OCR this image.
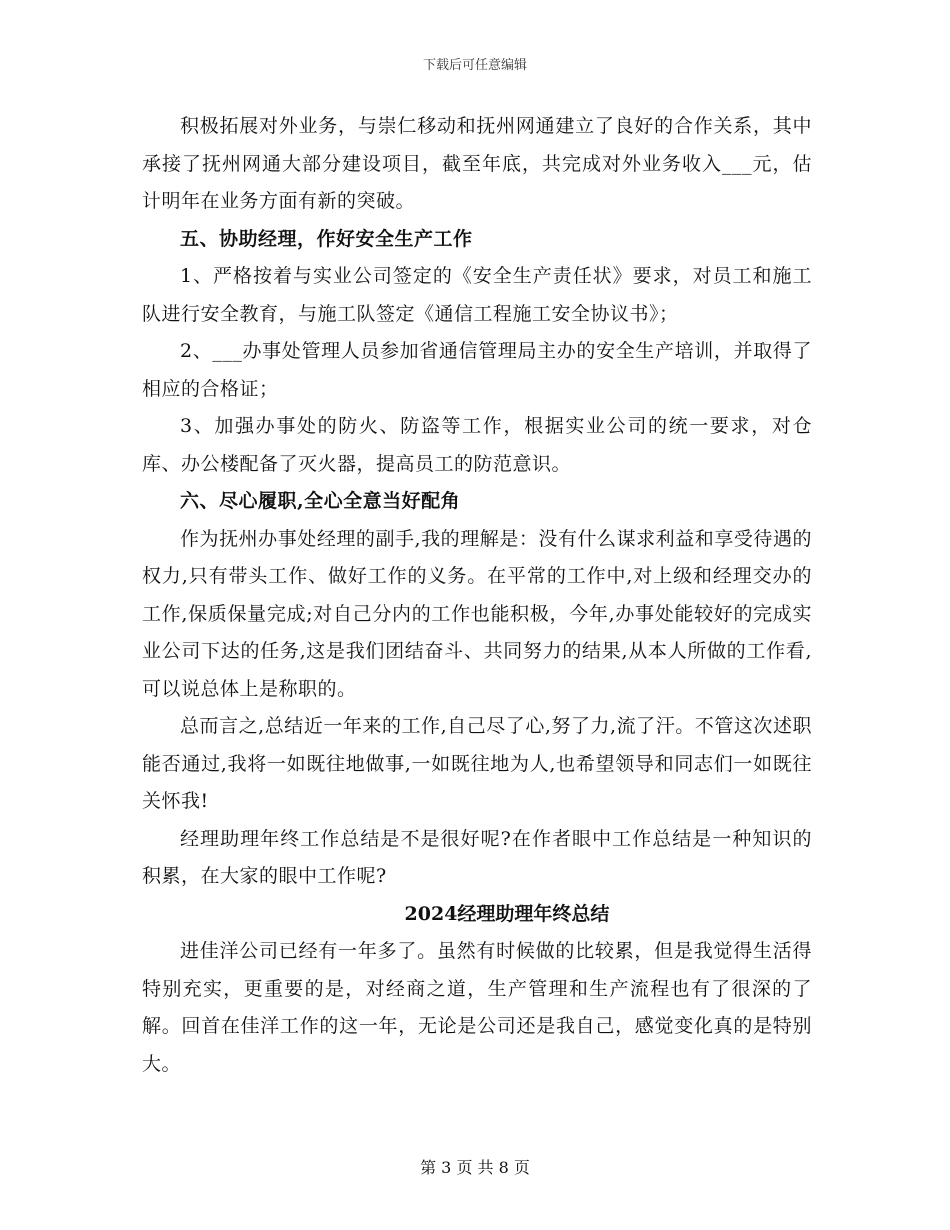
下载后可任意编辑

积极拓展对外业务，与崇仁移动和抚州网通建立了良好的合作关系，其中承接了抚州网通大部分建设项目，截至年底，共完成对外业务收入___元，估计明年在业务方面有新的突破。

五、协助经理，作好安全生产工作

1、严格按着与实业公司签定的《安全生产责任状》要求，对员工和施工队进行安全教育，与施工队签定《通信工程施工安全协议书》；

2、___办事处管理人员参加省通信管理局主办的安全生产培训，并取得了相应的合格证；

3、加强办事处的防火、防盗等工作，根据实业公司的统一要求，对仓库、办公楼配备了灭火器，提高员工的防范意识。

六、尽心履职,全心全意当好配角

作为抚州办事处经理的副手,我的理解是：没有什么谋求利益和享受待遇的权力,只有带头工作、做好工作的义务。在平常的工作中,对上级和经理交办的工作,保质保量完成;对自己分内的工作也能积极，今年,办事处能较好的完成实业公司下达的任务,这是我们团结奋斗、共同努力的结果,从本人所做的工作看,可以说总体上是称职的。

总而言之,总结近一年来的工作,自己尽了心,努了力,流了汗。不管这次述职能否通过,我将一如既往地做事,一如既往地为人,也希望领导和同志们一如既往关怀我!

经理助理年终工作总结是不是很好呢?在作者眼中工作总结是一种知识的积累，在大家的眼中工作呢?

2024经理助理年终总结

进佳洋公司已经有一年多了。虽然有时候做的比较累，但是我觉得生活得特别充实，更重要的是，对经商之道，生产管理和生产流程也有了很深的了解。回首在佳洋工作的这一年，无论是公司还是我自己，感觉变化真的是特别大。

第 3 页 共 8 页
